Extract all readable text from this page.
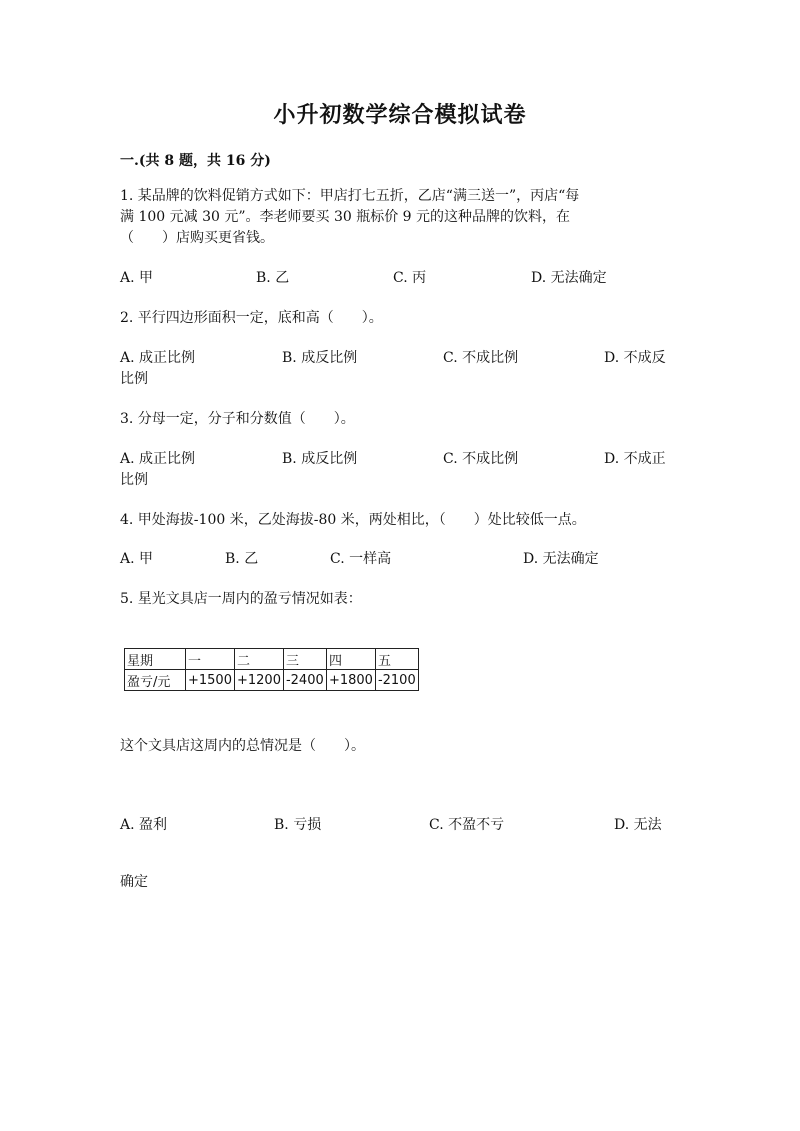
小升初数学综合模拟试卷
一.(共 8 题，共 16 分)
1. 某品牌的饮料促销方式如下：甲店打七五折，乙店“满三送一”，丙店“每
满 100 元减 30 元”。李老师要买 30 瓶标价 9 元的这种品牌的饮料，在
（　　）店购买更省钱。
A. 甲	B. 乙	C. 丙	D. 无法确定
2. 平行四边形面积一定，底和高（　　）。
A. 成正比例	B. 成反比例	C. 不成比例	D. 不成反
比例
3. 分母一定，分子和分数值（　　）。
A. 成正比例	B. 成反比例	C. 不成比例	D. 不成正
比例
4. 甲处海拔-100 米，乙处海拔-80 米，两处相比，（　　）处比较低一点。
A. 甲	B. 乙	C. 一样高	D. 无法确定
5. 星光文具店一周内的盈亏情况如表：
星期	一	二	三	四	五
盈亏/元	+1500	+1200	-2400	+1800	-2100
这个文具店这周内的总情况是（　　）。
A. 盈利	B. 亏损	C. 不盈不亏	D. 无法
确定
